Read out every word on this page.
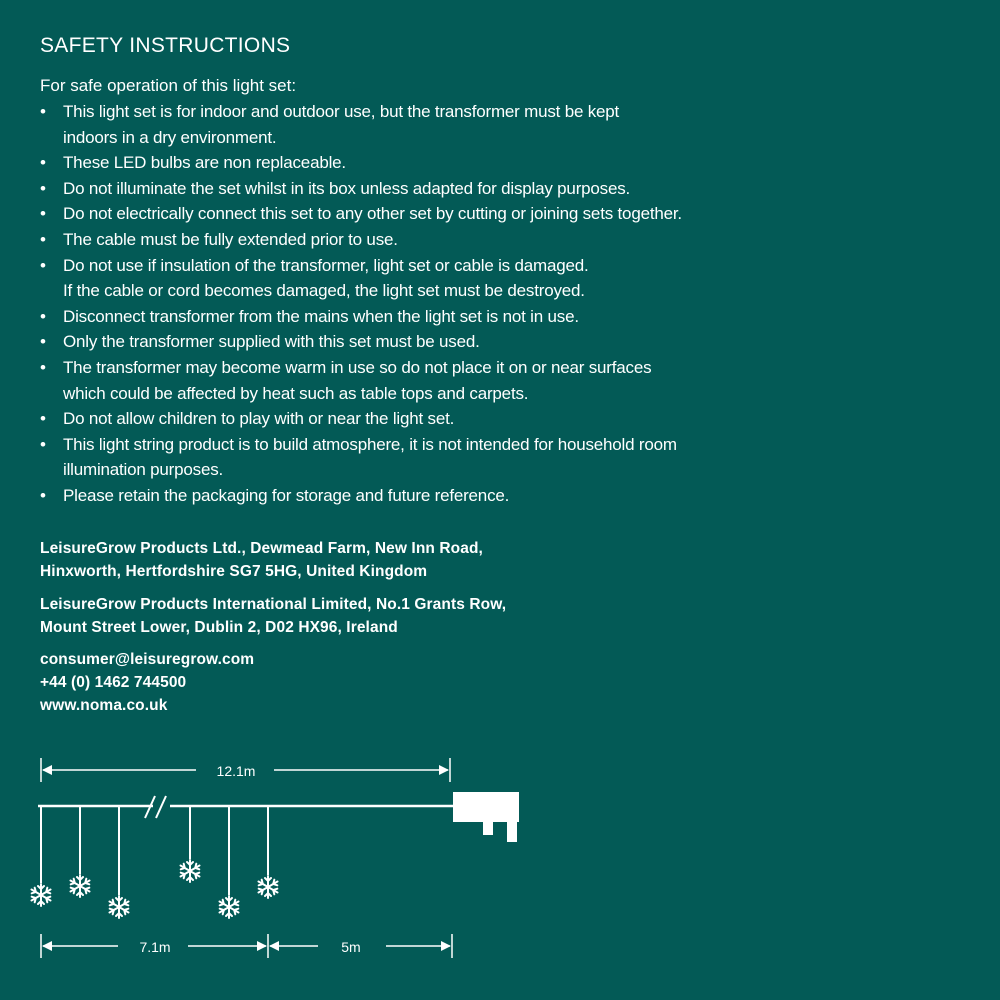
SAFETY INSTRUCTIONS

For safe operation of this light set:

• This light set is for indoor and outdoor use, but the transformer must be kept
indoors in a dry environment.
• These LED bulbs are non replaceable.
• Do not illuminate the set whilst in its box unless adapted for display purposes.
• Do not electrically connect this set to any other set by cutting or joining sets together.
• The cable must be fully extended prior to use.
• Do not use if insulation of the transformer, light set or cable is damaged.
If the cable or cord becomes damaged, the light set must be destroyed.
• Disconnect transformer from the mains when the light set is not in use.
• Only the transformer supplied with this set must be used.
• The transformer may become warm in use so do not place it on or near surfaces
which could be affected by heat such as table tops and carpets.
• Do not allow children to play with or near the light set.
• This light string product is to build atmosphere, it is not intended for household room
illumination purposes.
• Please retain the packaging for storage and future reference.

LeisureGrow Products Ltd., Dewmead Farm, New Inn Road,
Hinxworth, Hertfordshire SG7 5HG, United Kingdom

LeisureGrow Products International Limited, No.1 Grants Row,
Mount Street Lower, Dublin 2, D02 HX96, Ireland

consumer@leisuregrow.com
+44 (0) 1462 744500
www.noma.co.uk

12.1m
7.1m	5m
